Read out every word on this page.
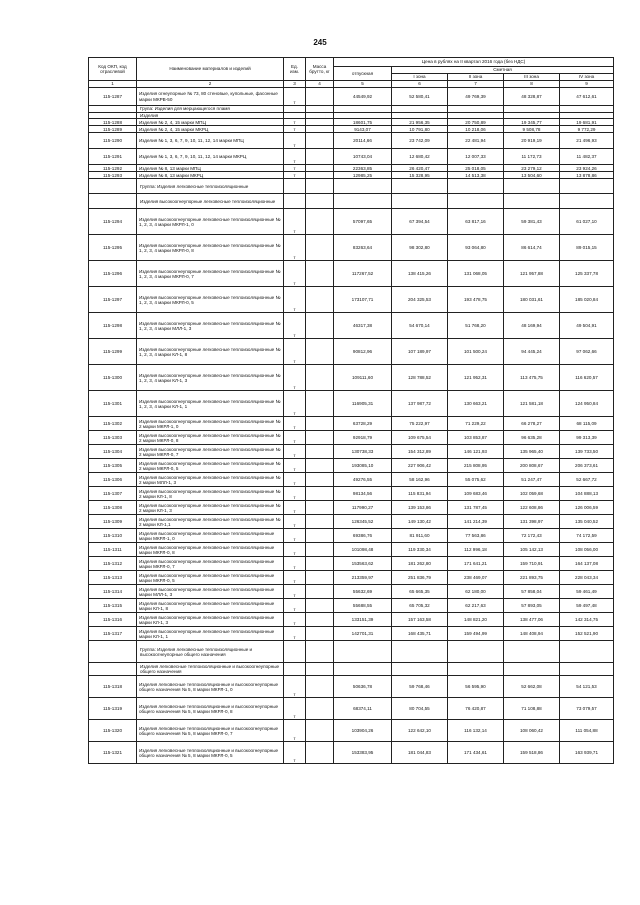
245
Код ОКП, код отраслевой	Наименование материалов и изделий	Ед. изм.	Масса брутто, кг	Цена в рублях на II квартал 2016 года (без НДС)				
				отпускная	Сметная			
					I зона	II зона	III зона	IV зона
1	2	3	4	5	6	7	8	9
115-1287	Изделия огнеупорные № 73, 80 стеновые, купольные, фасонные марки МКРВ-50	т		44549,92	52 580,41	49 769,39	48 328,87	47 612,61
	Група: Изделия для мерцающегося пламя							
	Изделия							
115-1288	Изделия № 2, 4, 15 марки МПЦ	т		18601,75	21 956,35	20 750,89	19 345,77	19 681,91
115-1289	Изделия № 2, 4, 15 марки МКРЦ	т		9143,07	10 791,80	10 218,06	9 508,78	9 772,29
115-1290	Изделия № 1, 3, 6, 7, 9, 10, 11, 12, 14 марки МПЦ	т		20114,66	23 742,09	22 481,94	20 919,19	21 496,93
115-1291	Изделия № 1, 3, 6, 7, 9, 10, 11, 12, 14 марки МКРЦ	т		10743,04	12 680,42	12 007,33	11 172,73	11 482,37
115-1292	Изделия № 8, 13 марки МПЦ	т		22363,85	26 420,47	25 018,05	23 279,12	23 924,26
115-1293	Изделия № 8, 13 марки МКРЦ	т		12985,25	15 328,95	14 513,38	13 504,60	13 878,86
	Группа: Изделия легковесные теплоизоляционные							
	Изделия высокоогнеупорные легковесные теплоизоляционные							
115-1294	Изделия высокоогнеупорные легковесные теплоизоляционные № 1, 2, 3, 4 марки МКРЛ-1, 0	т		57097,65	67 394,54	63 817,16	59 381,43	61 027,10
115-1295	Изделия высокоогнеупорные легковесные теплоизоляционные № 1, 2, 3, 4 марки МКРЛ-0, 8	т		83263,64	98 302,80	93 064,80	86 614,74	89 015,15
115-1296	Изделия высокоогнеупорные легковесные теплоизоляционные № 1, 2, 3, 4 марки МКРЛ-0, 7	т		117267,52	138 415,26	131 068,05	121 957,88	125 337,78
115-1297	Изделия высокоогнеупорные легковесные теплоизоляционные № 1, 2, 3, 4 марки МКРЛ-0, 5	т		173107,71	204 325,53	193 478,75	180 031,61	185 020,84
115-1298	Изделия высокоогнеупорные легковесные теплоизоляционные № 1, 2, 3, 4 марки МЛЛ-1, 3	т		46317,38	54 670,14	51 768,20	48 169,94	49 504,91
115-1299	Изделия высокоогнеупорные легковесные теплоизоляционные № 1, 2, 3, 4 марки КЛ-1, 8	т		90812,96	107 189,97	101 500,24	94 445,24	97 062,66
115-1300	Изделия высокоогнеупорные легковесные теплоизоляционные № 1, 2, 3, 4 марки КЛ-1, 3	т		109111,60	128 788,52	121 952,31	113 475,75	116 620,57
115-1301	Изделия высокоогнеупорные легковесные теплоизоляционные № 1, 2, 3, 4 марки КЛ-1, 1	т		116905,31	137 987,72	130 663,21	121 581,18	124 950,84
115-1302	Изделия высокоогнеупорные легковесные теплоизоляционные № 2 марки МКРЛ-1, 0	т		63728,29	75 222,97	71 229,22	66 278,27	68 115,09
115-1303	Изделия высокоогнеупорные легковесные теплоизоляционные № 2 марки МКРЛ-0, 8	т		92918,79	109 675,54	103 853,87	96 635,28	99 313,39
115-1304	Изделия высокоогнеупорные легковесные теплоизоляционные № 2 марки МКРЛ-0, 7	т		130738,33	154 312,89	146 121,93	135 965,40	139 733,50
115-1305	Изделия высокоогнеупорные легковесные теплоизоляционные № 2 марки МКРЛ-0, 5	т		193085,10	227 906,42	215 808,95	200 808,67	206 373,61
115-1306	Изделия высокоогнеупорные легковесные теплоизоляционные № 2 марки МЛЛ-1, 3	т		49276,55	58 162,96	55 075,62	51 247,47	52 667,72
115-1307	Изделия высокоогнеупорные легковесные теплоизоляционные № 2 марки КЛ-1, 8	т		98134,56	115 831,94	109 683,46	102 059,68	104 888,13
115-1308	Изделия высокоогнеупорные легковесные теплоизоляционные № 2 марки КЛ-1, 3	т		117990,27	139 153,86	131 787,45	122 608,86	126 006,59
115-1309	Изделия высокоогнеупорные легковесные теплоизоляционные № 2 марки КЛ-1,1	т		126345,52	149 130,42	141 214,39	131 398,97	135 040,52
115-1310	Изделия высокоогнеупорные легковесные теплоизоляционные марки МКРЛ-1, 0	т		69386,76	81 911,60	77 563,86	72 172,43	74 172,59
115-1311	Изделия высокоогнеупорные легковесные теплоизоляционные марки МКРЛ-0, 8	т		101098,48	119 330,34	112 996,18	105 142,13	108 056,00
115-1312	Изделия высокоогнеупорные легковесные теплоизоляционные марки МКРЛ-0, 7	т		153563,62	181 262,80	171 641,21	159 710,91	164 137,08
115-1313	Изделия высокоогнеупорные легковесные теплоизоляционные марки МКРЛ-0, 5	т		213359,97	251 836,79	238 469,07	221 893,75	228 043,34
115-1314	Изделия высокоогнеупорные легковесные теплоизоляционные марки МЛЛ-1, 3	т		55632,69	65 665,35	62 180,00	57 858,04	59 461,49
115-1315	Изделия высокоогнеупорные легковесные теплоизоляционные марки КЛ-1, 8	т		55688,55	65 705,32	62 217,63	57 893,05	59 497,48
115-1316	Изделия высокоогнеупорные легковесные теплоизоляционные марки КЛ-1, 3	т		133151,39	157 163,58	148 821,20	138 477,06	142 314,75
115-1317	Изделия высокоогнеупорные легковесные теплоизоляционные марки КЛ-1, 1	т		142701,31	168 435,71	159 494,99	148 408,94	152 521,90
	Группа: Изделия легковесные теплоизоляционные и высокоогнеупорные общего назначения							
	Изделия легковесные теплоизоляционные и высокоогнеупорные общего назначения							
115-1318	Изделия легковесные теплоизоляционные и высокоогнеупорные общего назначения № 5, 8 марки МКРЛ-1, 0	т		50636,78	59 768,46	56 595,90	52 662,08	54 121,53
115-1319	Изделия легковесные теплоизоляционные и высокоогнеупорные общего назначения № 5, 8 марки МКРЛ-0, 8	т		68374,11	80 704,55	76 420,87	71 108,88	73 079,57
115-1320	Изделия легковесные теплоизоляционные и высокоогнеупорные общего назначения № 5, 8 марки МКРЛ-0, 7	т		103904,26	122 642,10	116 132,14	108 060,42	111 054,88
115-1321	Изделия легковесные теплоизоляционные и высокоогнеупорные общего назначения № 5, 8 марки МКРЛ-0, 5	т		153383,95	181 044,83	171 434,61	159 518,86	163 939,71
